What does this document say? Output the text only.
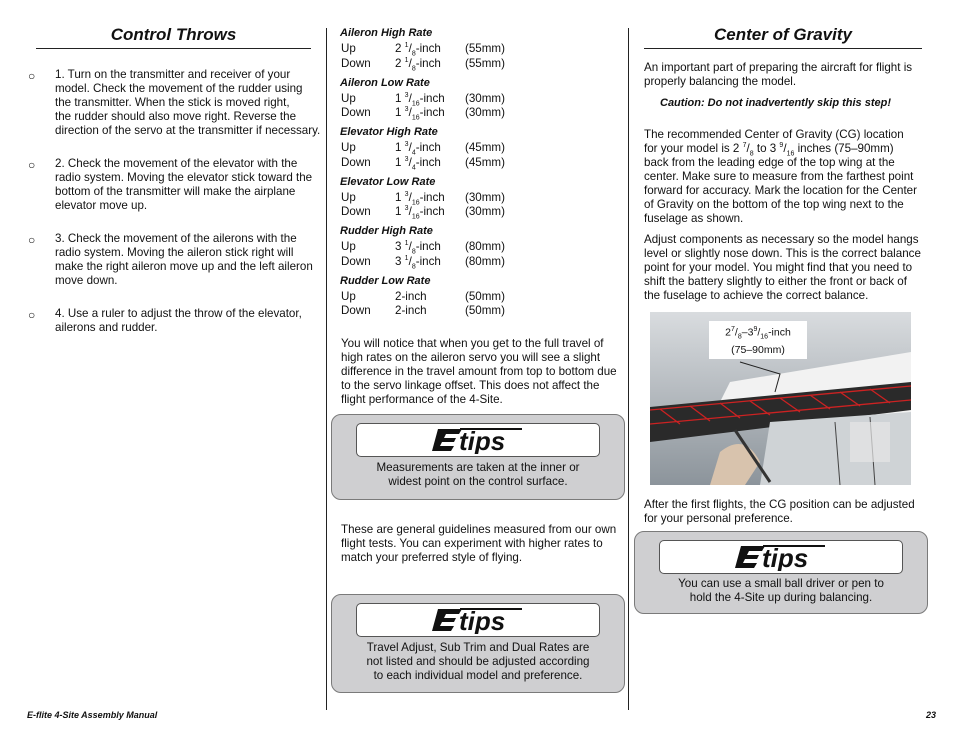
Control Throws
○ 1. Turn on the transmitter and receiver of your
model. Check the movement of the rudder using
the transmitter. When the stick is moved right,
the rudder should also move right. Reverse the
direction of the servo at the transmitter if necessary.
○ 2. Check the movement of the elevator with the
radio system. Moving the elevator stick toward the
bottom of the transmitter will make the airplane
elevator move up.
○ 3. Check the movement of the ailerons with the
radio system. Moving the aileron stick right will
make the right aileron move up and the left aileron
move down.
○ 4. Use a ruler to adjust the throw of the elevator,
ailerons and rudder.
Aileron High Rate
Up	2 $^1/_8$-inch (55mm)
Down 2 $^1/_8$-inch (55mm)
Aileron Low Rate
Up	1 $^3/_{16}$-inch (30mm)
Down 1 $^3/_{16}$-inch (30mm)
Elevator High Rate
Up	1 $^3/_4$-inch (45mm)
Down 1 $^3/_4$-inch (45mm)
Elevator Low Rate
Up	1 $^3/_{16}$-inch (30mm)
Down 1 $^3/_{16}$-inch (30mm)
Rudder High Rate
Up	3 $^1/_8$-inch (80mm)
Down 3 $^1/_8$-inch (80mm)
Rudder Low Rate
Up	2-inch	(50mm)
Down 2-inch	(50mm)
You will notice that when you get to the full travel of
high rates on the aileron servo you will see a slight
difference in the travel amount from top to bottom due
to the servo linkage offset. This does not affect the
flight performance of the 4-Site.
tips
Measurements are taken at the inner or
widest point on the control surface.
These are general guidelines measured from our own
flight tests. You can experiment with higher rates to
match your preferred style of flying.
tips
Travel Adjust, Sub Trim and Dual Rates are
not listed and should be adjusted according
to each individual model and preference.
Center of Gravity
An important part of preparing the aircraft for flight is
properly balancing the model.
Caution: Do not inadvertently skip this step!
The recommended Center of Gravity (CG) location
for your model is 2 $^7/_8$ to 3 $^9/_{16}$ inches (75–90mm)
back from the leading edge of the top wing at the
center. Make sure to measure from the farthest point
forward for accuracy. Mark the location for the Center
of Gravity on the bottom of the top wing next to the
fuselage as shown.
Adjust components as necessary so the model hangs
level or slightly nose down. This is the correct balance
point for your model. You might find that you need to
shift the battery slightly to either the front or back of
the fuselage to achieve the correct balance.
$2^7/_8-3^9/_{16}$-inch
(75–90mm)
After the first flights, the CG position can be adjusted
for your personal preference.
tips
You can use a small ball driver or pen to
hold the 4-Site up during balancing.
E-flite 4-Site Assembly Manual	23
